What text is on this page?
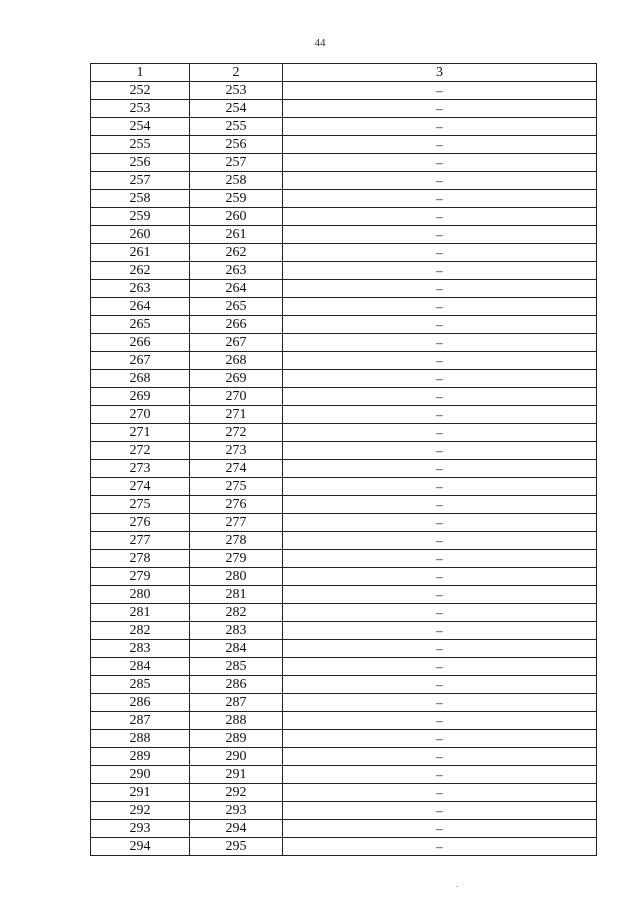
44
1	2	3
252	253	–
253	254	–
254	255	–
255	256	–
256	257	–
257	258	–
258	259	–
259	260	–
260	261	–
261	262	–
262	263	–
263	264	–
264	265	–
265	266	–
266	267	–
267	268	–
268	269	–
269	270	–
270	271	–
271	272	–
272	273	–
273	274	–
274	275	–
275	276	–
276	277	–
277	278	–
278	279	–
279	280	–
280	281	–
281	282	–
282	283	–
283	284	–
284	285	–
285	286	–
286	287	–
287	288	–
288	289	–
289	290	–
290	291	–
291	292	–
292	293	–
293	294	–
294	295	–
